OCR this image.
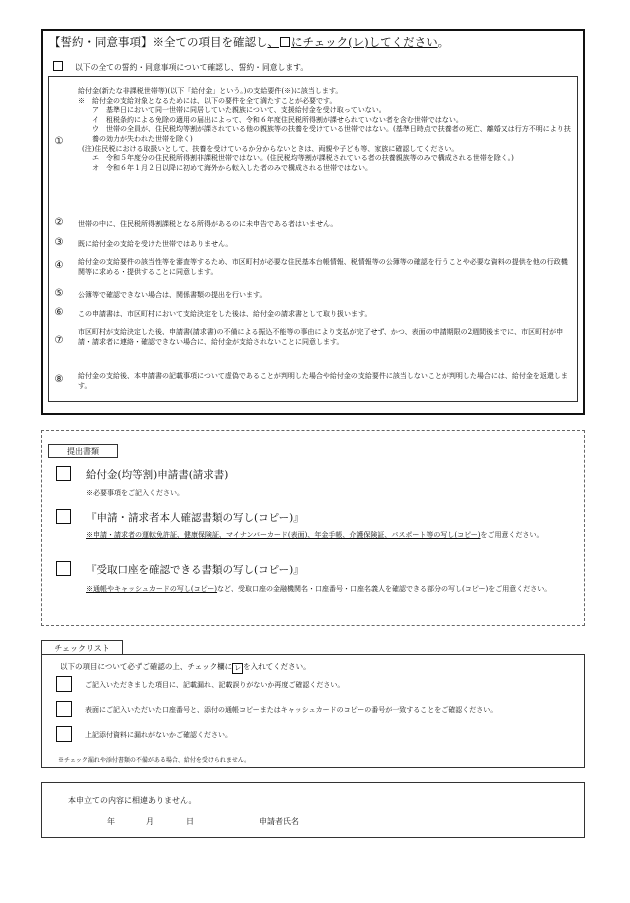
【誓約・同意事項】※全ての項目を確認し、 にチェック(レ)してください。
以下の全ての誓約・同意事項について確認し、誓約・同意します。
①

給付金(新たな非課税世帯等)(以下「給付金」という。)の支給要件(※)に該当します。

※　給付金の支給対象となるためには、以下の要件を全て満たすことが必要です。

ア　基準日において同一世帯に同居していた親族について、支援給付金を受け取っていない。

イ　租税条約による免除の適用の届出によって、令和６年度住民税所得割が課せられていない者を含む世帯ではない。

ウ　世帯の全員が、住民税均等割が課されている他の親族等の扶養を受けている世帯ではない。(基準日時点で扶養者の死亡、離婚又は行方不明により扶養の効力が失われた世帯を除く)

(注)住民税における取扱いとして、扶養を受けているか分からないときは、両親や子ども等、家族に確認してください。

エ　令和５年度分の住民税所得割非課税世帯ではない。(住民税均等割が課税されている者の扶養親族等のみで構成される世帯を除く。)

オ　令和６年１月２日以降に初めて海外から転入した者のみで構成される世帯ではない。

②	世帯の中に、住民税所得割課税となる所得があるのに未申告である者はいません。
③	既に給付金の支給を受けた世帯ではありません。
④	給付金の支給要件の該当性等を審査等するため、市区町村が必要な住民基本台帳情報、税情報等の公簿等の確認を行うことや必要な資料の提供を他の行政機関等に求める・提供することに同意します。
⑤	公簿等で確認できない場合は、関係書類の提出を行います。
⑥	この申請書は、市区町村において支給決定をした後は、給付金の請求書として取り扱います。
⑦
市区町村が支給決定した後、申請書(請求書)の不備による振込不能等の事由により支払が完了せず、かつ、表面の申請期限の2週間後までに、市区町村が申請・請求者に連絡・確認できない場合に、給付金が支給されないことに同意します。
⑧	給付金の支給後、本申請書の記載事項について虚偽であることが判明した場合や給付金の支給要件に該当しないことが判明した場合には、給付金を返還します。
提出書類
給付金(均等割)申請書(請求書)
※必要事項をご記入ください。
『申請・請求者本人確認書類の写し(コピー)』
※申請・請求者の運転免許証、健康保険証、マイナンバーカード(表面)、年金手帳、介護保険証、パスポート等の写し(コピー)をご用意ください。
『受取口座を確認できる書類の写し(コピー)』
※通帳やキャッシュカードの写し(コピー)など、受取口座の金融機関名・口座番号・口座名義人を確認できる部分の写し(コピー)をご用意ください。
チェックリスト
以下の項目について必ずご確認の上、チェック欄に レ を入れてください。
ご記入いただきました項目に、記載漏れ、記載誤りがないか再度ご確認ください。
表面にご記入いただいた口座番号と、添付の通帳コピーまたはキャッシュカードのコピーの番号が一致することをご確認ください。
上記添付資料に漏れがないかご確認ください。
※チェック漏れや添付書類の不備がある場合、給付を受けられません。
本申立ての内容に相違ありません。
年	月	日	申請者氏名
